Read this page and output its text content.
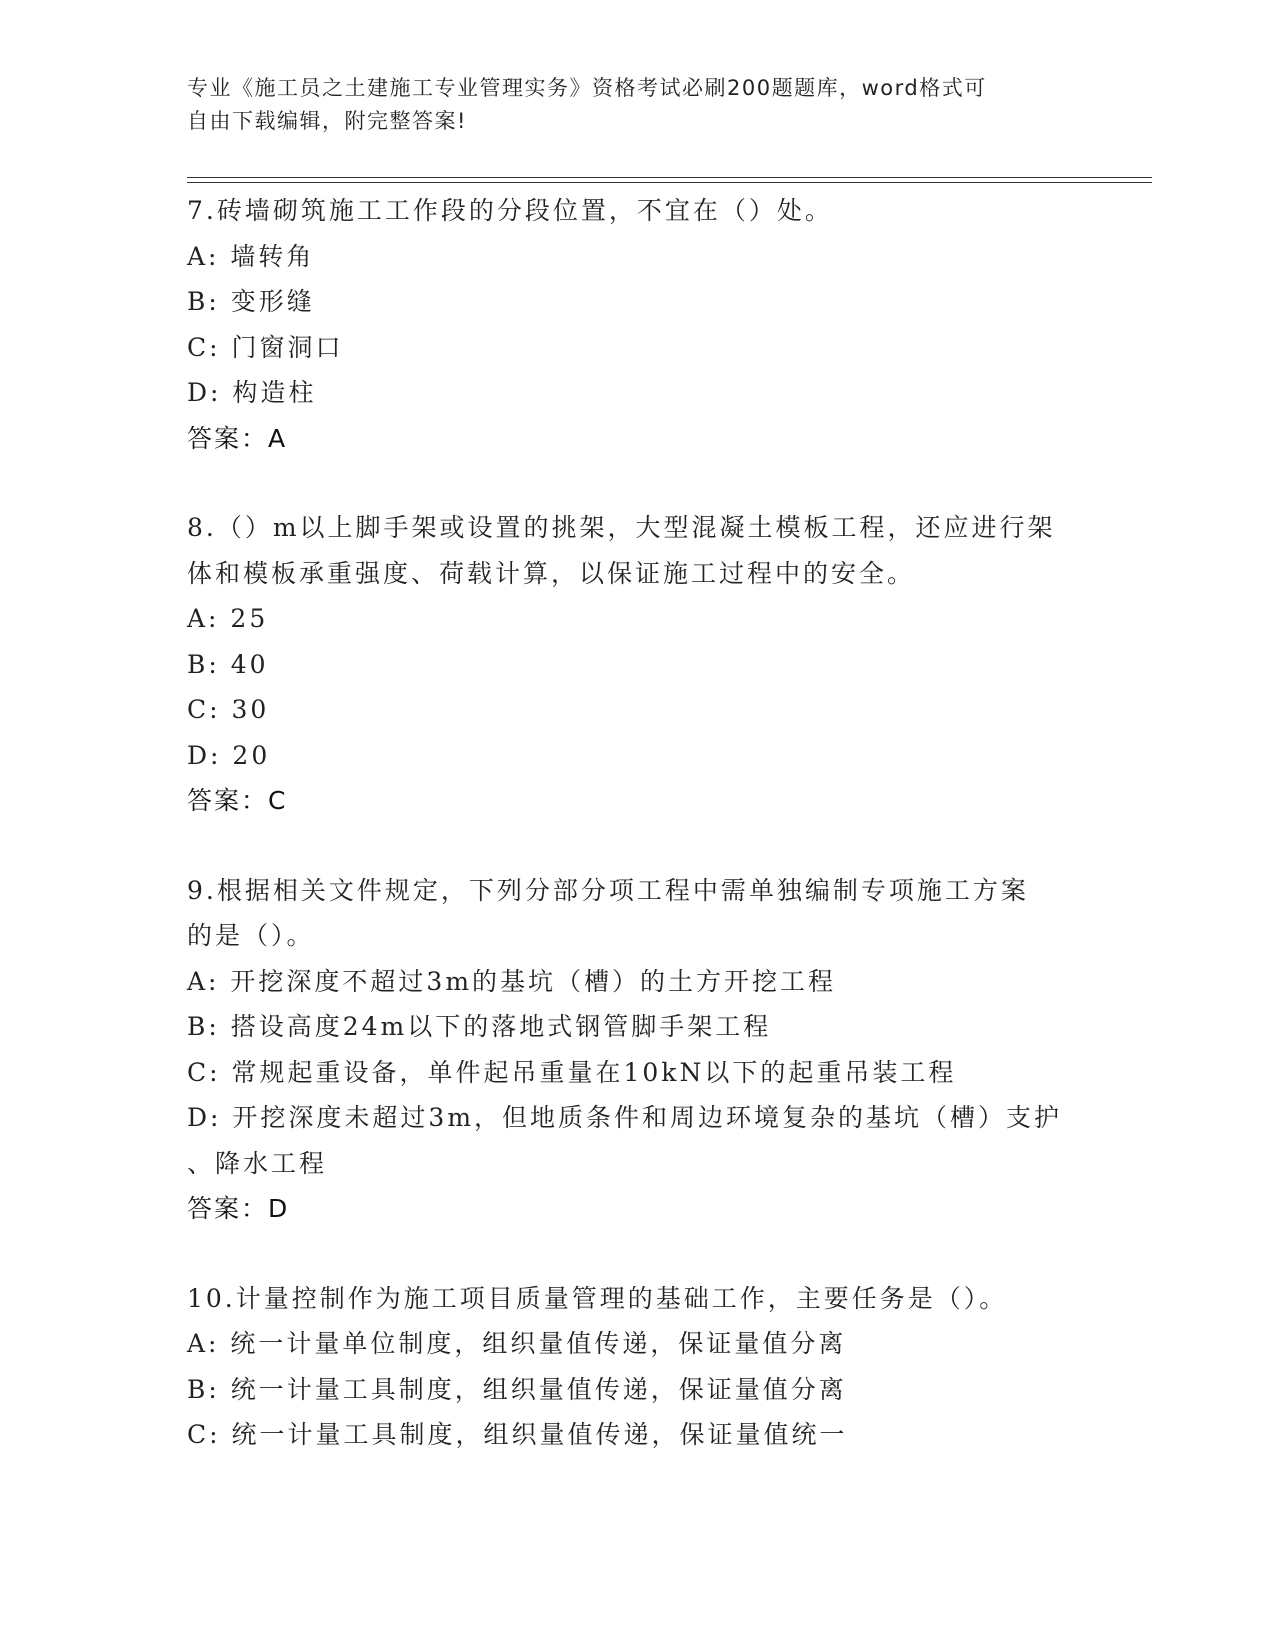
专业《施工员之土建施工专业管理实务》资格考试必刷200题题库，word格式可
自由下载编辑，附完整答案!
7.砖墙砌筑施工工作段的分段位置，不宜在（）处。
A: 墙转角
B: 变形缝
C: 门窗洞口
D: 构造柱
答案：A
8.（）m以上脚手架或设置的挑架，大型混凝土模板工程，还应进行架
体和模板承重强度、荷载计算，以保证施工过程中的安全。
A: 25
B: 40
C: 30
D: 20
答案：C
9.根据相关文件规定，下列分部分项工程中需单独编制专项施工方案
的是（）。
A: 开挖深度不超过3m的基坑（槽）的土方开挖工程
B: 搭设高度24m以下的落地式钢管脚手架工程
C: 常规起重设备，单件起吊重量在10kN以下的起重吊装工程
D: 开挖深度未超过3m，但地质条件和周边环境复杂的基坑（槽）支护
、降水工程
答案：D
10.计量控制作为施工项目质量管理的基础工作，主要任务是（）。
A: 统一计量单位制度，组织量值传递，保证量值分离
B: 统一计量工具制度，组织量值传递，保证量值分离
C: 统一计量工具制度，组织量值传递，保证量值统一
